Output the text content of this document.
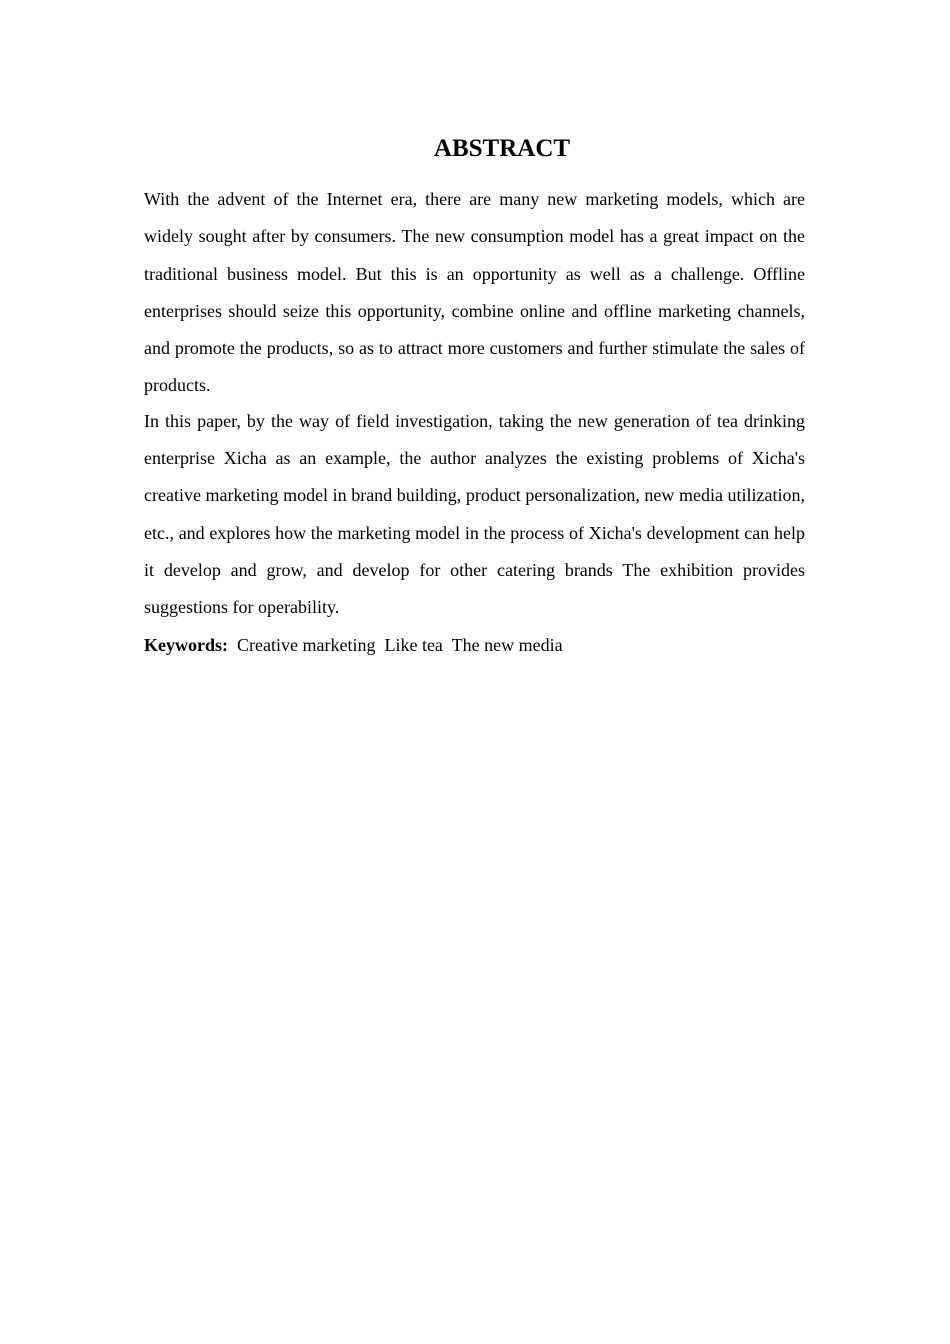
ABSTRACT

With the advent of the Internet era, there are many new marketing models, which are widely sought after by consumers. The new consumption model has a great impact on the traditional business model. But this is an opportunity as well as a challenge. Offline enterprises should seize this opportunity, combine online and offline marketing channels, and promote the products, so as to attract more customers and further stimulate the sales of products.

In this paper, by the way of field investigation, taking the new generation of tea drinking enterprise Xicha as an example, the author analyzes the existing problems of Xicha's creative marketing model in brand building, product personalization, new media utilization, etc., and explores how the marketing model in the process of Xicha's development can help it develop and grow, and develop for other catering brands The exhibition provides suggestions for operability.

Keywords: Creative marketing Like tea The new media
